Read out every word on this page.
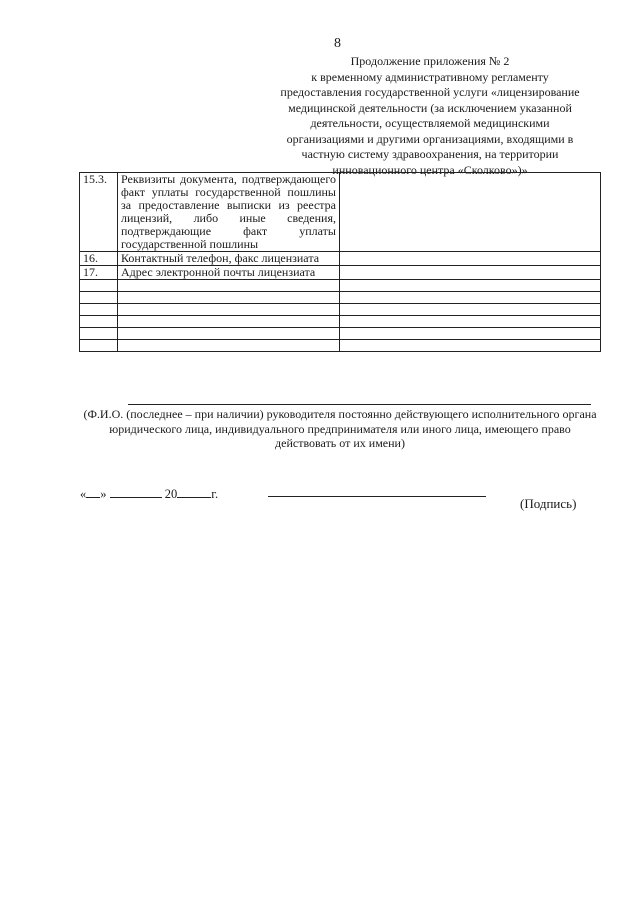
8
Продолжение приложения № 2
к временному административному регламенту
предоставления государственной услуги «лицензирование
медицинской деятельности (за исключением указанной
деятельности, осуществляемой медицинскими
организациями и другими организациями, входящими в
частную систему здравоохранения, на территории
инновационного центра «Сколково»)»
15.3.	Реквизиты документа, подтверждающего факт уплаты государственной пошлины за предоставление выписки из реестра лицензий, либо иные сведения, подтверждающие факт уплаты государственной пошлины	
16.	Контактный телефон, факс лицензиата	
17.	Адрес электронной почты лицензиата	

(Ф.И.О. (последнее – при наличии) руководителя постоянно действующего исполнительного органа юридического лица, индивидуального предпринимателя или иного лица, имеющего право действовать от их имени)
« »	20	г.
(Подпись)
